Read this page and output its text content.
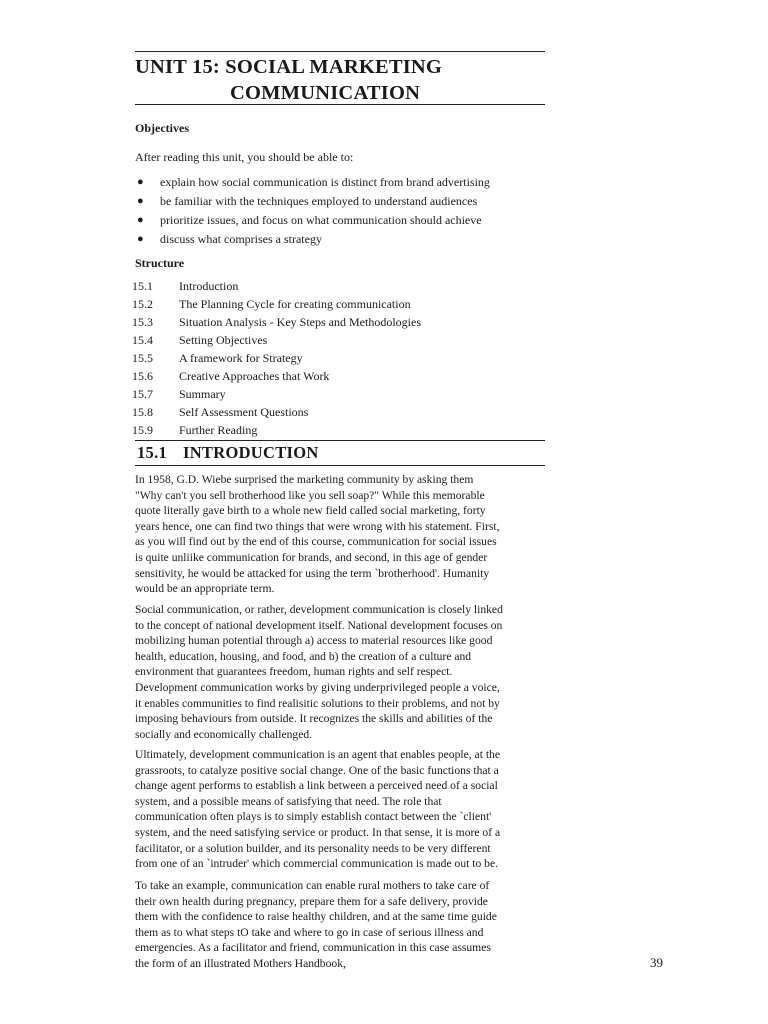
UNIT 15: SOCIAL MARKETING
COMMUNICATION
Objectives
After reading this unit, you should be able to:
● explain how social communication is distinct from brand advertising
● be familiar with the techniques employed to understand audiences
● prioritize issues, and focus on what communication should achieve
● discuss what comprises a strategy
Structure
15.1 Introduction
15.2 The Planning Cycle for creating communication
15.3 Situation Analysis - Key Steps and Methodologies
15.4 Setting Objectives
15.5 A framework for Strategy
15.6 Creative Approaches that Work
15.7 Summary
15.8 Self Assessment Questions
15.9 Further Reading
15.1 INTRODUCTION

In 1958, G.D. Wiebe surprised the marketing community by asking them
"Why can't you sell brotherhood like you sell soap?" While this memorable
quote literally gave birth to a whole new field called social marketing, forty
years hence, one can find two things that were wrong with his statement. First,
as you will find out by the end of this course, communication for social issues
is quite unliike communication for brands, and second, in this age of gender
sensitivity, he would be attacked for using the term `brotherhood'. Humanity
would be an appropriate term.

Social communication, or rather, development communication is closely linked
to the concept of national development itself. National development focuses on
mobilizing human potential through a) access to material resources like good
health, education, housing, and food, and b) the creation of a culture and
environment that guarantees freedom, human rights and self respect.
Development communication works by giving underprivileged people a voice,
it enables communities to find realisitic solutions to their problems, and not by
imposing behaviours from outside. It recognizes the skills and abilities of the
socially and economically challenged.

Ultimately, development communication is an agent that enables people, at the
grassroots, to catalyze positive social change. One of the basic functions that a
change agent performs to establish a link between a perceived need of a social
system, and a possible means of satisfying that need. The role that
communication often plays is to simply establish contact between the `client'
system, and the need satisfying service or product. In that sense, it is more of a
facilitator, or a solution builder, and its personality needs to be very different
from one of an `intruder' which commercial communication is made out to be.

To take an example, communication can enable rural mothers to take care of
their own health during pregnancy, prepare them for a safe delivery, provide
them with the confidence to raise healthy children, and at the same time guide
them as to what steps tO take and where to go in case of serious illness and
emergencies. As a facilitator and friend, communication in this case assumes
the form of an illustrated Mothers Handbook,	39
